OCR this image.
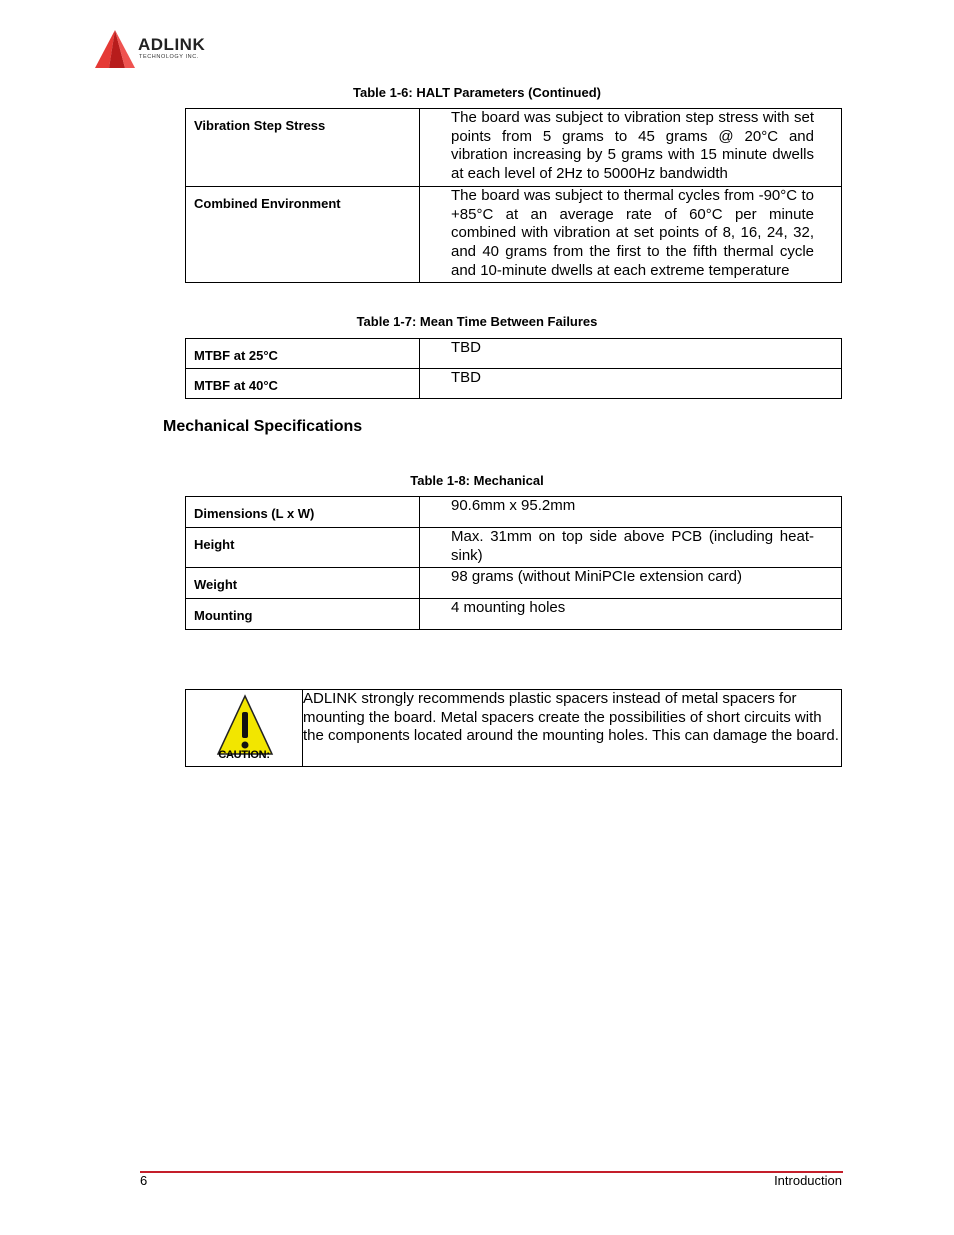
ADLINK
TECHNOLOGY INC.
Table 1-6: HALT Parameters (Continued)
Vibration Step Stress	The board was subject to vibration step stress with set points from 5 grams to 45 grams @ 20°C and vibration increasing by 5 grams with 15 minute dwells at each level of 2Hz to 5000Hz bandwidth

Combined Environment	The board was subject to thermal cycles from -90°C to +85°C at an average rate of 60°C per minute combined with vibration at set points of 8, 16, 24, 32, and 40 grams from the first to the fifth thermal cycle and 10-minute dwells at each extreme temperature
Table 1-7: Mean Time Between Failures
MTBF at 25°C	TBD

MTBF at 40°C	TBD
Mechanical Specifications
Table 1-8: Mechanical
Dimensions (L x W)	90.6mm x 95.2mm

Height	Max. 31mm on top side above PCB (including heat-sink)

Weight	98 grams (without MiniPCIe extension card)

Mounting	4 mounting holes
CAUTION:
	ADLINK strongly recommends plastic spacers instead of metal spacers for mounting the board. Metal spacers create the possibilities of short circuits with the components located around the mounting holes. This can damage the board.
6	Introduction
